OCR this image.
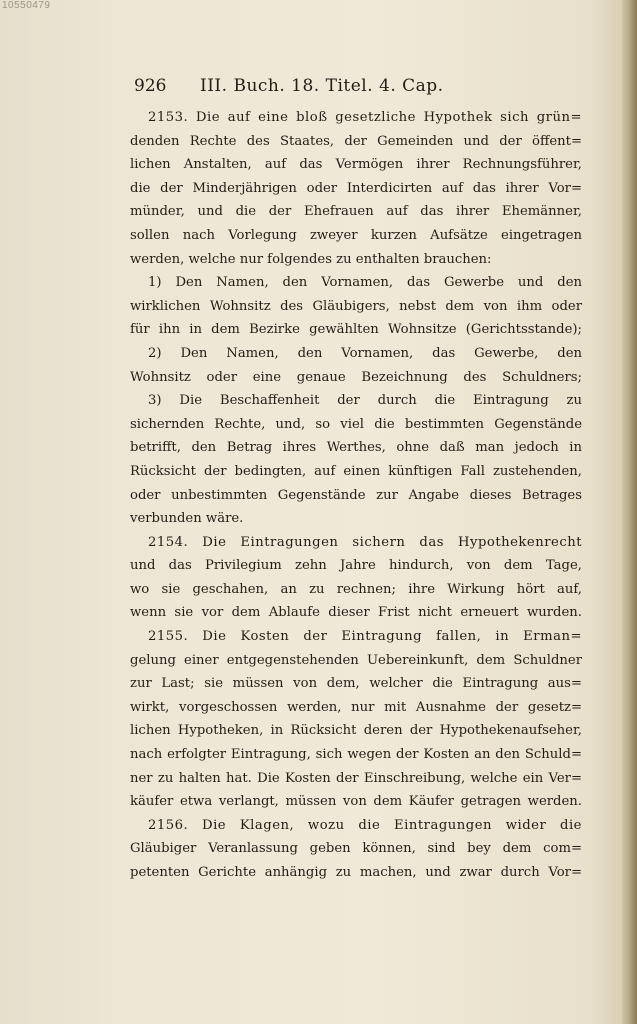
10550479
926 III. Buch. 18. Titel. 4. Cap.
2153. Die auf eine bloß gesetzliche Hypothek sich grün=
denden Rechte des Staates, der Gemeinden und der öffent=
lichen Anstalten, auf das Vermögen ihrer Rechnungsführer,
die der Minderjährigen oder Interdicirten auf das ihrer Vor=
münder, und die der Ehefrauen auf das ihrer Ehemänner,
sollen nach Vorlegung zweyer kurzen Aufsätze eingetragen
werden, welche nur folgendes zu enthalten brauchen:
1) Den Namen, den Vornamen, das Gewerbe und den
wirklichen Wohnsitz des Gläubigers, nebst dem von ihm oder
für ihn in dem Bezirke gewählten Wohnsitze (Gerichtsstande);
2) Den Namen, den Vornamen, das Gewerbe, den
Wohnsitz oder eine genaue Bezeichnung des Schuldners;
3) Die Beschaffenheit der durch die Eintragung zu
sichernden Rechte, und, so viel die bestimmten Gegenstände
betrifft, den Betrag ihres Werthes, ohne daß man jedoch in
Rücksicht der bedingten, auf einen künftigen Fall zustehenden,
oder unbestimmten Gegenstände zur Angabe dieses Betrages
verbunden wäre.
2154. Die Eintragungen sichern das Hypothekenrecht
und das Privilegium zehn Jahre hindurch, von dem Tage,
wo sie geschahen, an zu rechnen; ihre Wirkung hört auf,
wenn sie vor dem Ablaufe dieser Frist nicht erneuert wurden.
2155. Die Kosten der Eintragung fallen, in Erman=
gelung einer entgegenstehenden Uebereinkunft, dem Schuldner
zur Last; sie müssen von dem, welcher die Eintragung aus=
wirkt, vorgeschossen werden, nur mit Ausnahme der gesetz=
lichen Hypotheken, in Rücksicht deren der Hypothekenaufseher,
nach erfolgter Eintragung, sich wegen der Kosten an den Schuld=
ner zu halten hat. Die Kosten der Einschreibung, welche ein Ver=
käufer etwa verlangt, müssen von dem Käufer getragen werden.
2156. Die Klagen, wozu die Eintragungen wider die
Gläubiger Veranlassung geben können, sind bey dem com=
petenten Gerichte anhängig zu machen, und zwar durch Vor=
